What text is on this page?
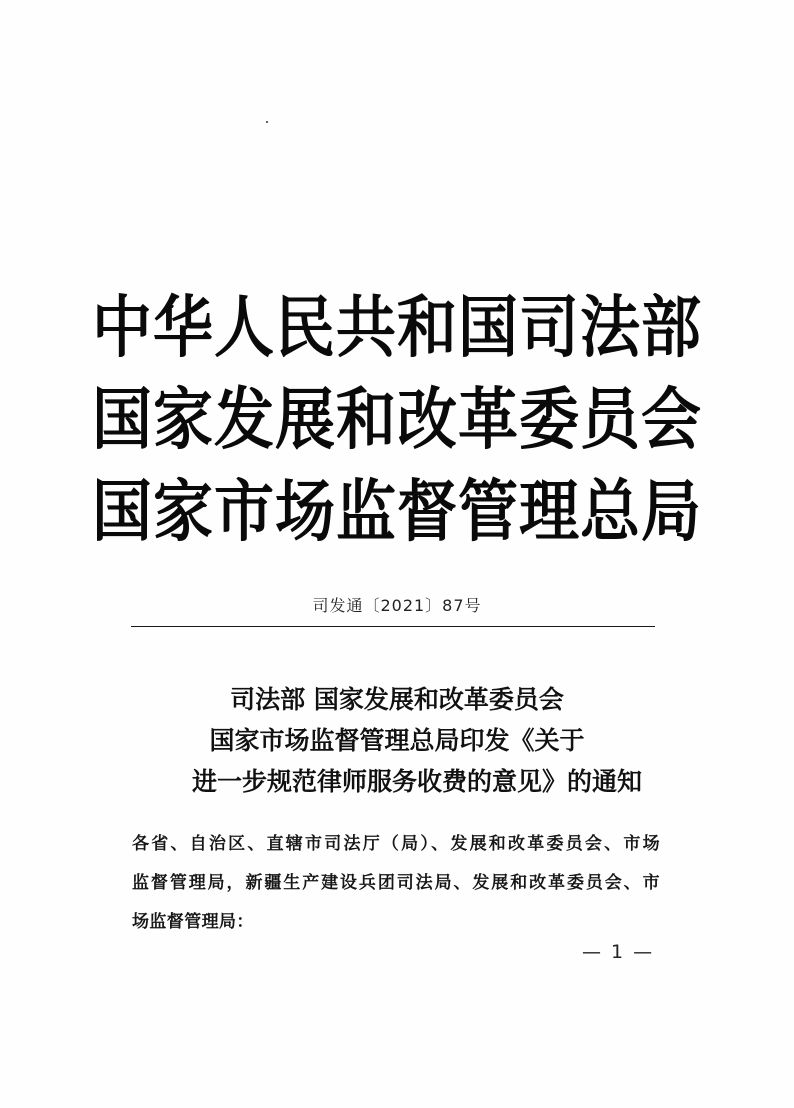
中华人民共和国司法部
国家发展和改革委员会
国家市场监督管理总局
司发通〔2021〕87号
司法部 国家发展和改革委员会
国家市场监督管理总局印发《关于
进一步规范律师服务收费的意见》的通知
各省、自治区、直辖市司法厅（局）、发展和改革委员会、市场
监督管理局，新疆生产建设兵团司法局、发展和改革委员会、市
场监督管理局：
— 1 —
